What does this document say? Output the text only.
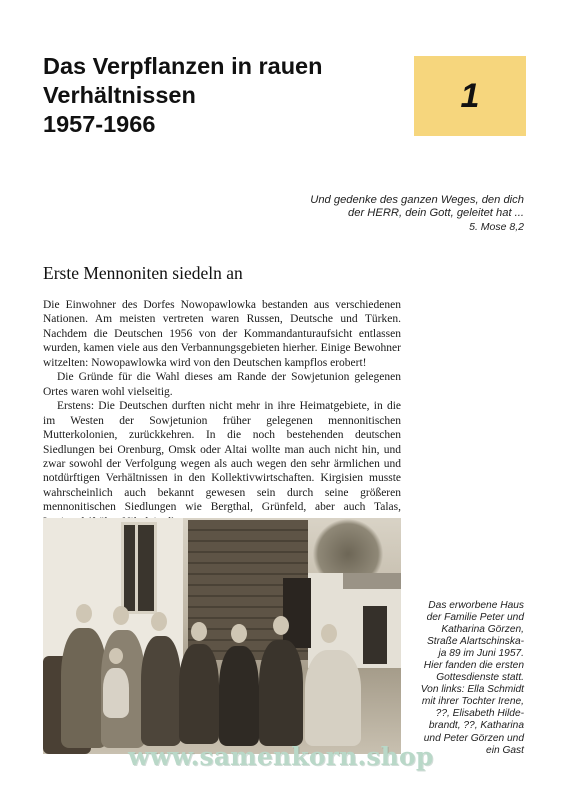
Das Verpflanzen in rauen
Verhältnissen
1957-1966
1
Und gedenke des ganzen Weges, den dich
der HERR, dein Gott, geleitet hat ...
5. Mose 8,2
Erste Mennoniten siedeln an

Die Einwohner des Dorfes Nowopawlowka bestanden aus verschiedenen Nationen. Am meisten vertreten waren Russen, Deutsche und Türken. Nachdem die Deutschen 1956 von der Kommandanturaufsicht entlassen wurden, kamen viele aus den Verbannungsgebieten hierher. Einige Bewohner witzelten: Nowopawlowka wird von den Deutschen kampflos erobert!

Die Gründe für die Wahl dieses am Rande der Sowjetunion gelegenen Ortes waren wohl vielseitig.

Erstens: Die Deutschen durften nicht mehr in ihre Heimatgebiete, in die im Westen der Sowjetunion früher gelegenen mennonitischen Mutterkolonien, zurückkehren. In die noch bestehenden deutschen Siedlungen bei Orenburg, Omsk oder Altai wollte man auch nicht hin, und zwar sowohl der Verfolgung wegen als auch wegen den sehr ärmlichen und notdürftigen Verhältnissen in den Kollektivwirtschaften. Kirgisien musste wahrscheinlich auch bekannt gewesen sein durch seine größeren mennonitischen Siedlungen wie Bergthal, Grünfeld, aber auch Talas,

www.samenkorn.shop
Das erworbene Haus
der Familie Peter und
Katharina Görzen,
Straße Alartschinska-
ja 89 im Juni 1957.
Hier fanden die ersten
Gottesdienste statt.
Von links: Ella Schmidt
mit ihrer Tochter Irene,
??, Elisabeth Hilde-
brandt, ??, Katharina
und Peter Görzen und
ein Gast
